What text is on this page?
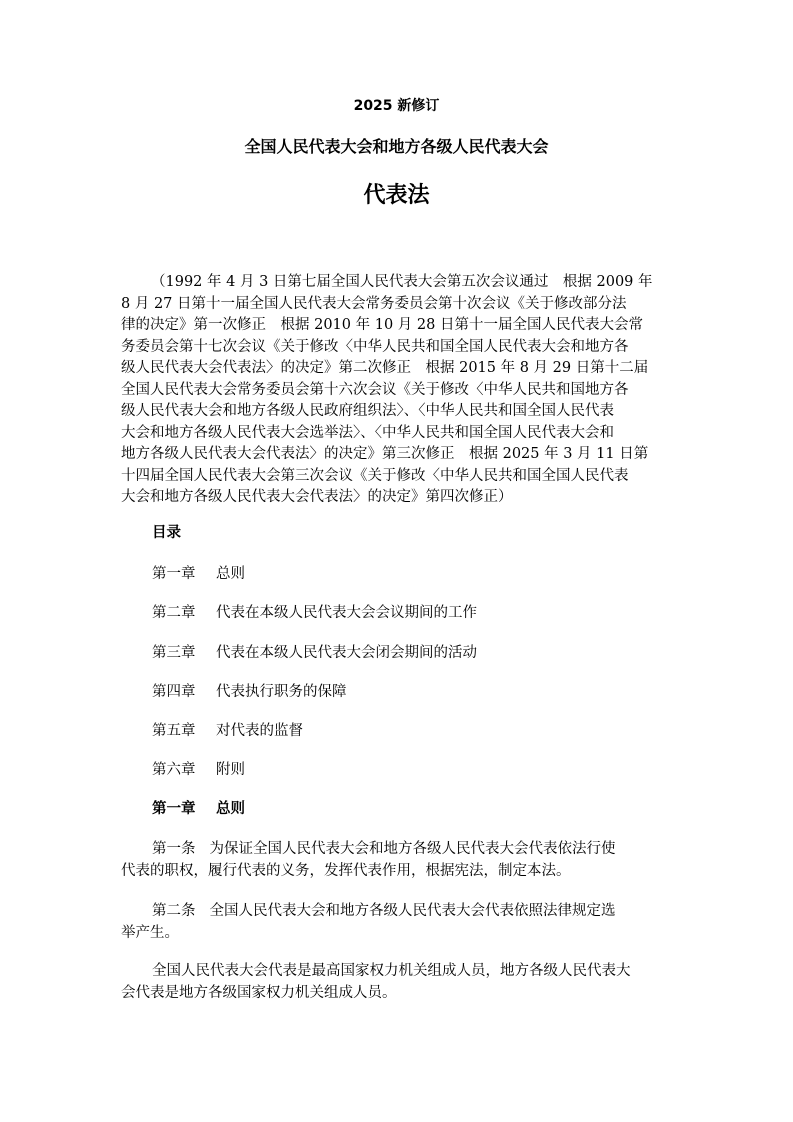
2025 新修订
全国人民代表大会和地方各级人民代表大会
代表法
（1992 年 4 月 3 日第七届全国人民代表大会第五次会议通过　根据 2009 年
8 月 27 日第十一届全国人民代表大会常务委员会第十次会议《关于修改部分法
律的决定》第一次修正　根据 2010 年 10 月 28 日第十一届全国人民代表大会常
务委员会第十七次会议《关于修改〈中华人民共和国全国人民代表大会和地方各
级人民代表大会代表法〉的决定》第二次修正　根据 2015 年 8 月 29 日第十二届
全国人民代表大会常务委员会第十六次会议《关于修改〈中华人民共和国地方各
级人民代表大会和地方各级人民政府组织法〉、〈中华人民共和国全国人民代表
大会和地方各级人民代表大会选举法〉、〈中华人民共和国全国人民代表大会和
地方各级人民代表大会代表法〉的决定》第三次修正　根据 2025 年 3 月 11 日第
十四届全国人民代表大会第三次会议《关于修改〈中华人民共和国全国人民代表
大会和地方各级人民代表大会代表法〉的决定》第四次修正）
目录
第一章 总则
第二章 代表在本级人民代表大会会议期间的工作
第三章 代表在本级人民代表大会闭会期间的活动
第四章 代表执行职务的保障
第五章 对代表的监督
第六章 附则
第一章 总则
第一条 为保证全国人民代表大会和地方各级人民代表大会代表依法行使
代表的职权，履行代表的义务，发挥代表作用，根据宪法，制定本法。
第二条 全国人民代表大会和地方各级人民代表大会代表依照法律规定选
举产生。
全国人民代表大会代表是最高国家权力机关组成人员，地方各级人民代表大
会代表是地方各级国家权力机关组成人员。
